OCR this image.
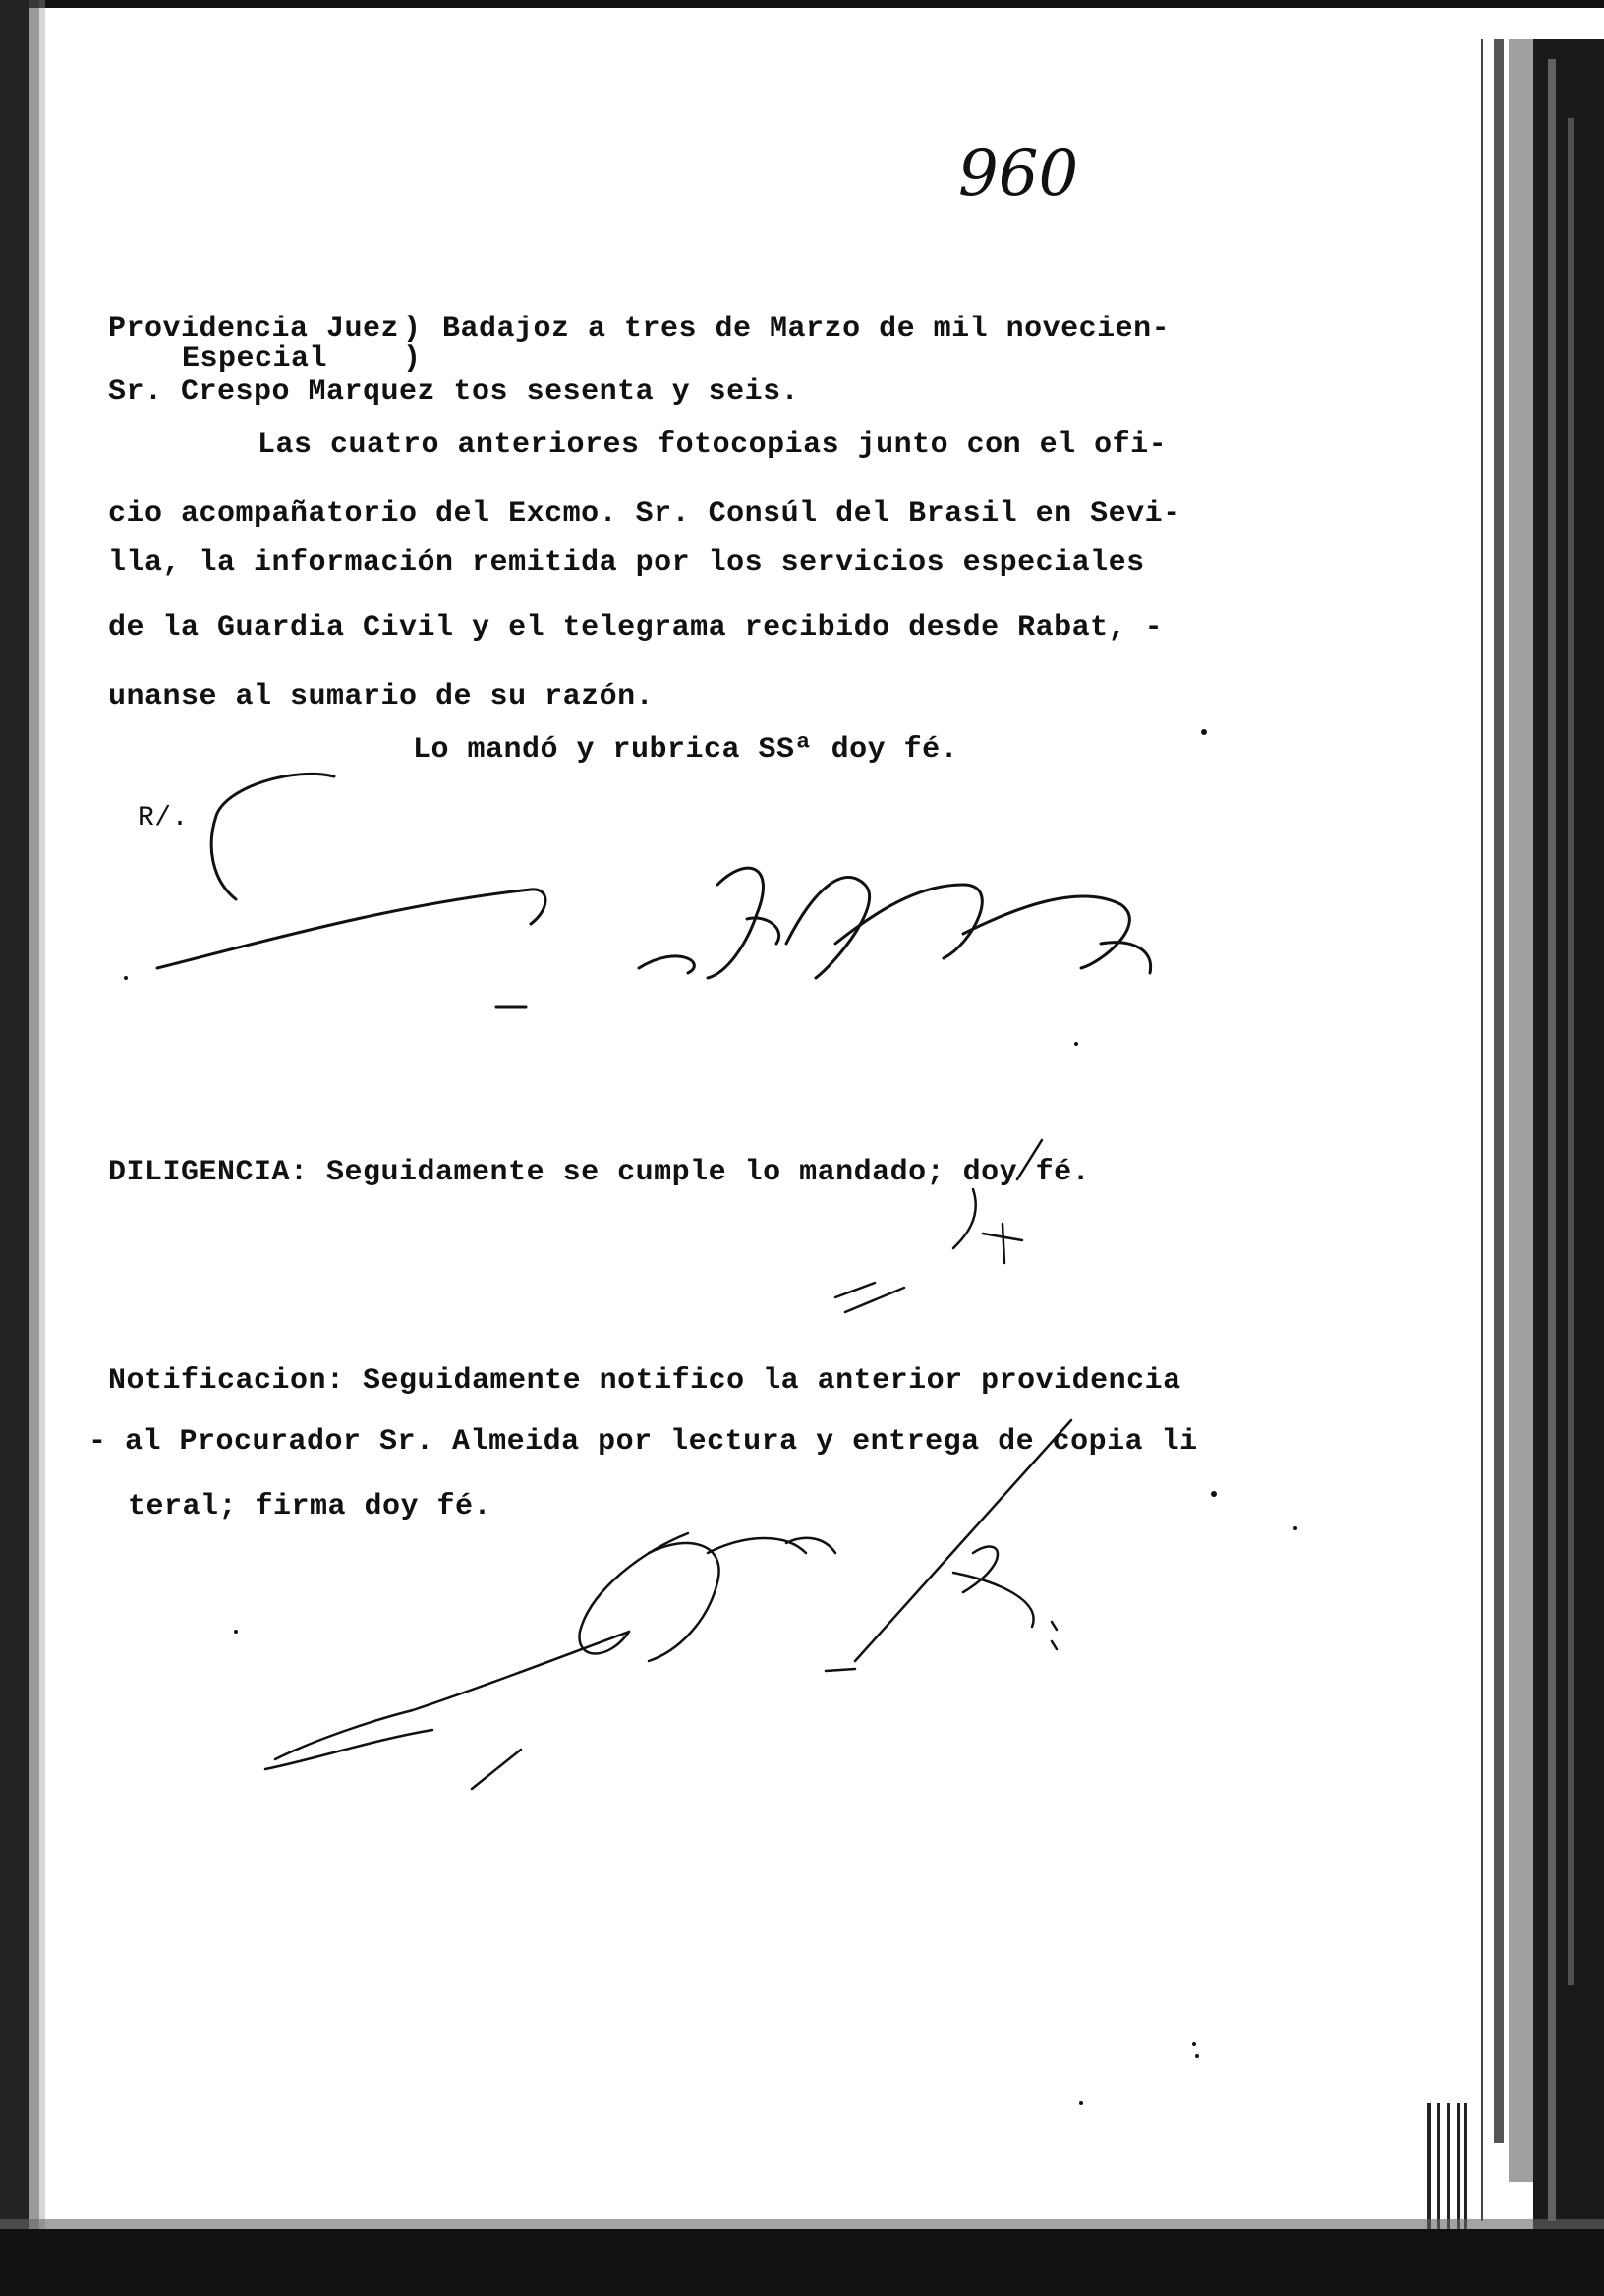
960
Providencia Juez ) Badajoz a tres de Marzo de mil novecien-
Especial	)
Sr. Crespo Marquez tos sesenta y seis.
Las cuatro anteriores fotocopias junto con el ofi-
cio acompañatorio del Excmo. Sr. Consúl del Brasil en Sevi-
lla, la información remitida por los servicios especiales
de la Guardia Civil y el telegrama recibido desde Rabat, -
unanse al sumario de su razón.
Lo mandó y rubrica SSª doy fé.
R/.
DILIGENCIA: Seguidamente se cumple lo mandado; doy fé.
Notificacion: Seguidamente notifico la anterior providencia
- al Procurador Sr. Almeida por lectura y entrega de copia li
teral; firma doy fé.
